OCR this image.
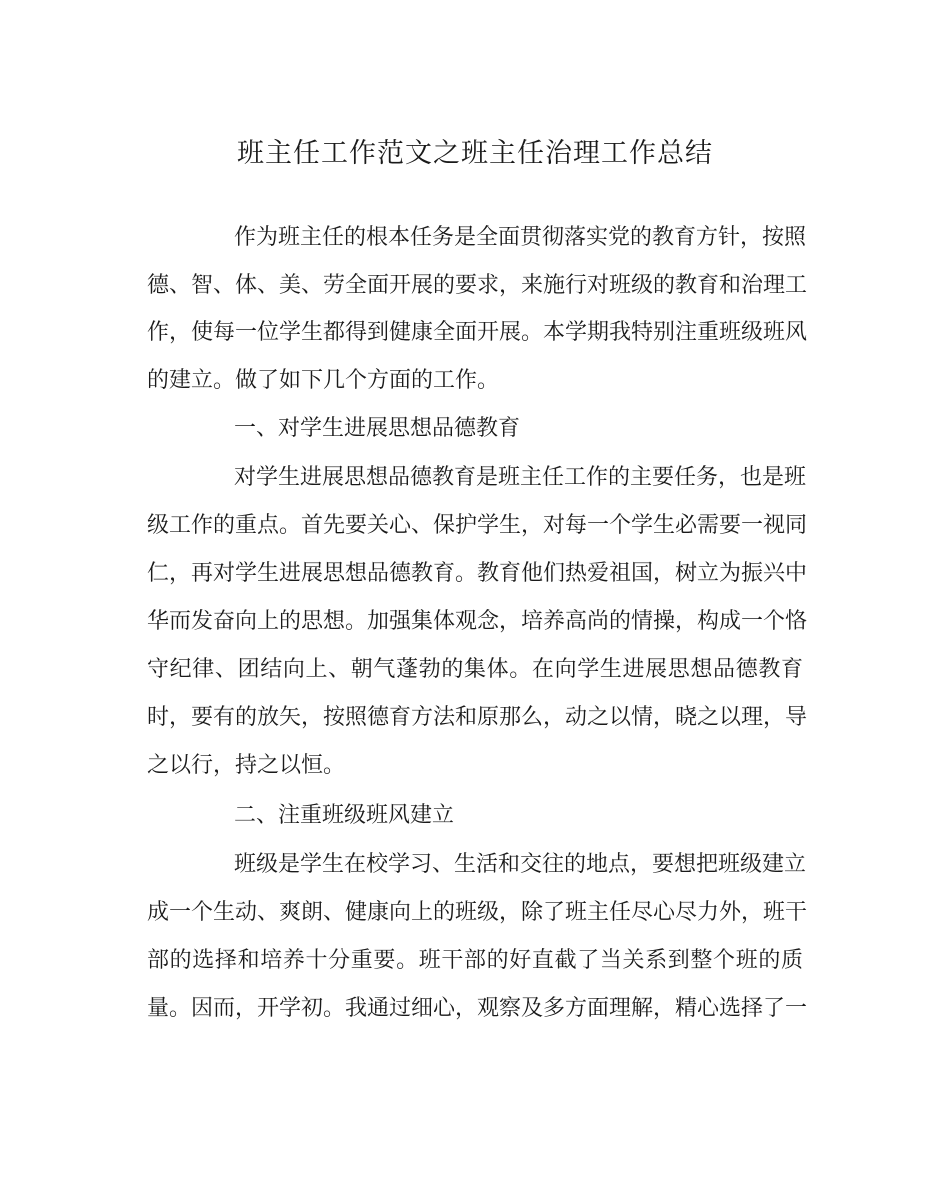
班主任工作范文之班主任治理工作总结

作为班主任的根本任务是全面贯彻落实党的教育方针，按照

德、智、体、美、劳全面开展的要求，来施行对班级的教育和治理工

作，使每一位学生都得到健康全面开展。本学期我特别注重班级班风

的建立。做了如下几个方面的工作。

一、对学生进展思想品德教育

对学生进展思想品德教育是班主任工作的主要任务，也是班

级工作的重点。首先要关心、保护学生，对每一个学生必需要一视同

仁，再对学生进展思想品德教育。教育他们热爱祖国，树立为振兴中

华而发奋向上的思想。加强集体观念，培养高尚的情操，构成一个恪

守纪律、团结向上、朝气蓬勃的集体。在向学生进展思想品德教育

时，要有的放矢，按照德育方法和原那么，动之以情，晓之以理，导

之以行，持之以恒。

二、注重班级班风建立

班级是学生在校学习、生活和交往的地点，要想把班级建立

成一个生动、爽朗、健康向上的班级，除了班主任尽心尽力外，班干

部的选择和培养十分重要。班干部的好直截了当关系到整个班的质

量。因而，开学初。我通过细心，观察及多方面理解，精心选择了一
